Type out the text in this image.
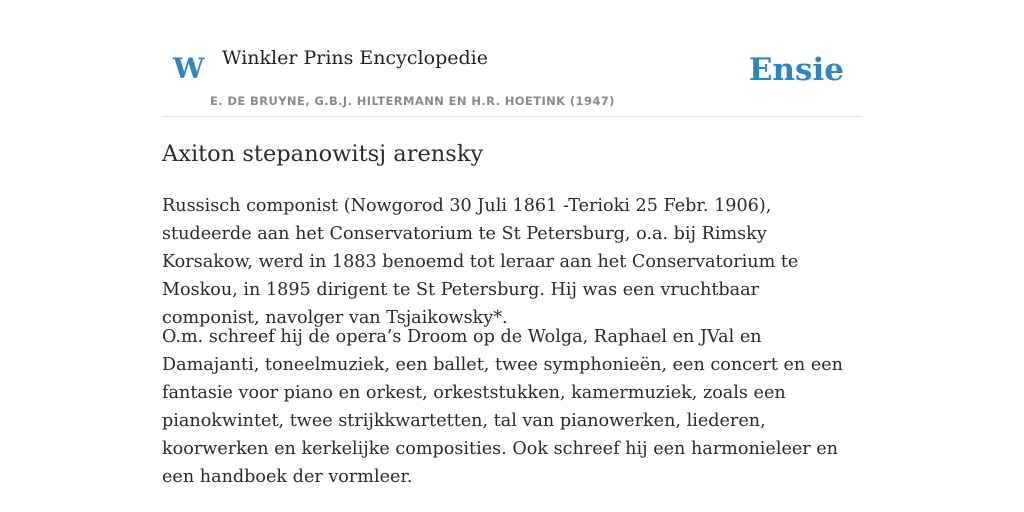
W Winkler Prins Encyclopedie
E. DE BRUYNE, G.B.J. HILTERMANN EN H.R. HOETINK (1947)
Ensie
Axiton stepanowitsj arensky

Russisch componist (Nowgorod 30 Juli 1861 -Terioki 25 Febr. 1906), studeerde aan het Conservatorium te St Petersburg, o.a. bij Rimsky Korsakow, werd in 1883 benoemd tot leraar aan het Conservatorium te Moskou, in 1895 dirigent te St Petersburg. Hij was een vruchtbaar componist, navolger van Tsjaikowsky*.

O.m. schreef hij de opera’s Droom op de Wolga, Raphael en JVal en Damajanti, toneelmuziek, een ballet, twee symphonieën, een concert en een fantasie voor piano en orkest, orkeststukken, kamermuziek, zoals een pianokwintet, twee strijkkwartetten, tal van pianowerken, liederen, koorwerken en kerkelijke composities. Ook schreef hij een harmonieleer en een handboek der vormleer.
